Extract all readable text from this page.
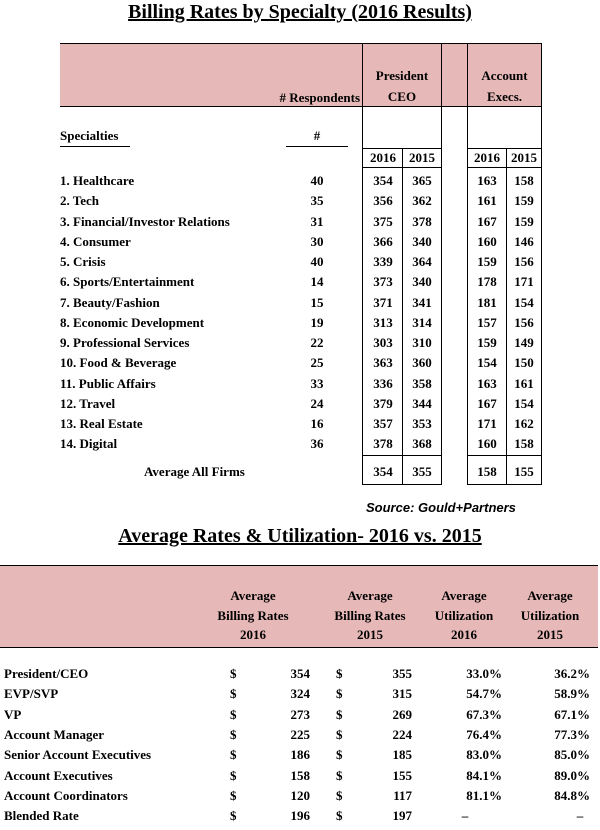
Billing Rates by Specialty (2016 Results)
# Respondents
President
CEO
Account
Execs.
Specialties	#
2016	2015	2016 2015
1. Healthcare	40	354	365	163	158
2. Tech	35	356	362	161	159
3. Financial/Investor Relations	31	375	378	167	159
4. Consumer	30	366	340	160	146
5. Crisis	40	339	364	159	156
6. Sports/Entertainment	14	373	340	178	171
7. Beauty/Fashion	15	371	341	181	154
8. Economic Development	19	313	314	157	156
9. Professional Services	22	303	310	159	149
10. Food & Beverage	25	363	360	154	150
11. Public Affairs	33	336	358	163	161
12. Travel	24	379	344	167	154
13. Real Estate	16	357	353	171	162
14. Digital	36	378	368	160	158
Average All Firms	354	355	158	155
Source: Gould+Partners
Average Rates & Utilization- 2016 vs. 2015
Average
Billing Rates
2016
Average
Billing Rates
2015
Average
Utilization
2016
Average
Utilization
2015
President/CEO	$	354 $	355	33.0%	36.2%
EVP/SVP	$	324 $	315	54.7%	58.9%
VP	$	273 $	269	67.3%	67.1%
Account Manager	$	225 $	224	76.4%	77.3%
Senior Account Executives	$	186 $	185	83.0%	85.0%
Account Executives	$	158 $	155	84.1%	89.0%
Account Coordinators	$	120 $	117	81.1%	84.8%
Blended Rate	$	196 $	197	–	–
